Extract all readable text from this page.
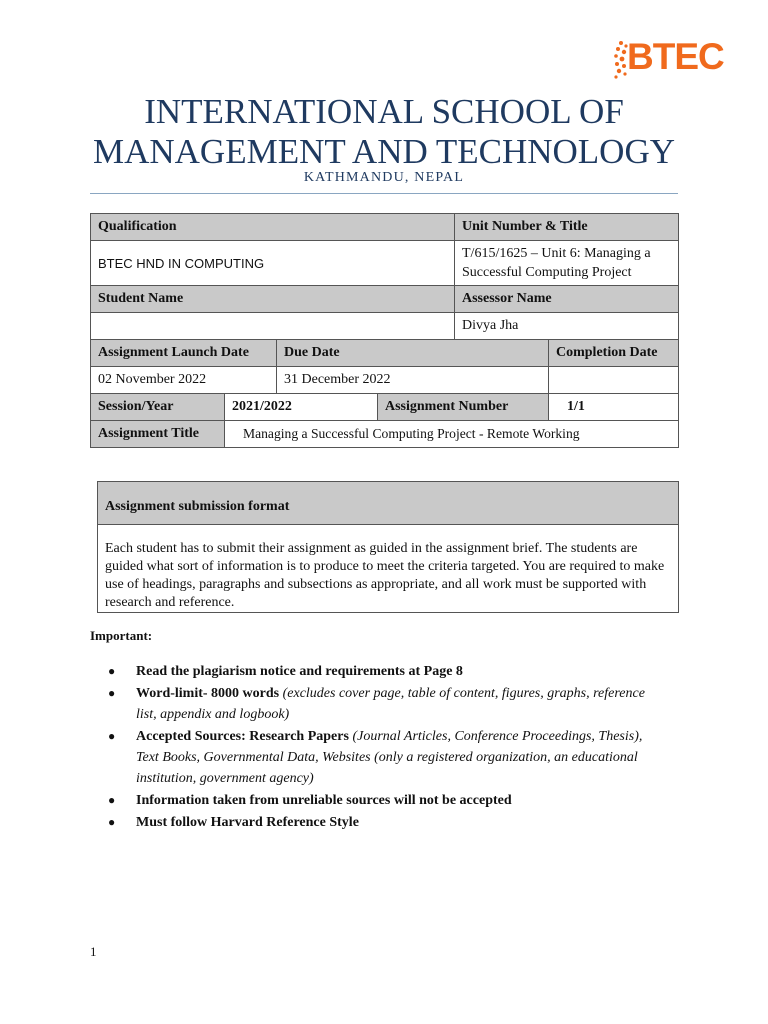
BTEC
INTERNATIONAL SCHOOL OF MANAGEMENT AND TECHNOLOGY
KATHMANDU, NEPAL
Qualification				Unit Number & Title	
BTEC HND IN COMPUTING				T/615/1625 – Unit 6: Managing a Successful Computing Project	
Student Name				Assessor Name	
				Divya Jha	
Assignment Launch Date		Due Date			Completion Date
02 November 2022		31 December 2022			
Session/Year	2021/2022		Assignment Number		1/1
Assignment Title	Managing a Successful Computing Project - Remote Working				
Assignment submission format
Each student has to submit their assignment as guided in the assignment brief. The students are guided what sort of information is to produce to meet the criteria targeted. You are required to make use of headings, paragraphs and subsections as appropriate, and all work must be supported with research and reference.
Important:
● Read the plagiarism notice and requirements at Page 8
● Word-limit- 8000 words (excludes cover page, table of content, figures, graphs, reference list, appendix and logbook)
● Accepted Sources: Research Papers (Journal Articles, Conference Proceedings, Thesis), Text Books, Governmental Data, Websites (only a registered organization, an educational institution, government agency)
● Information taken from unreliable sources will not be accepted
● Must follow Harvard Reference Style
1
